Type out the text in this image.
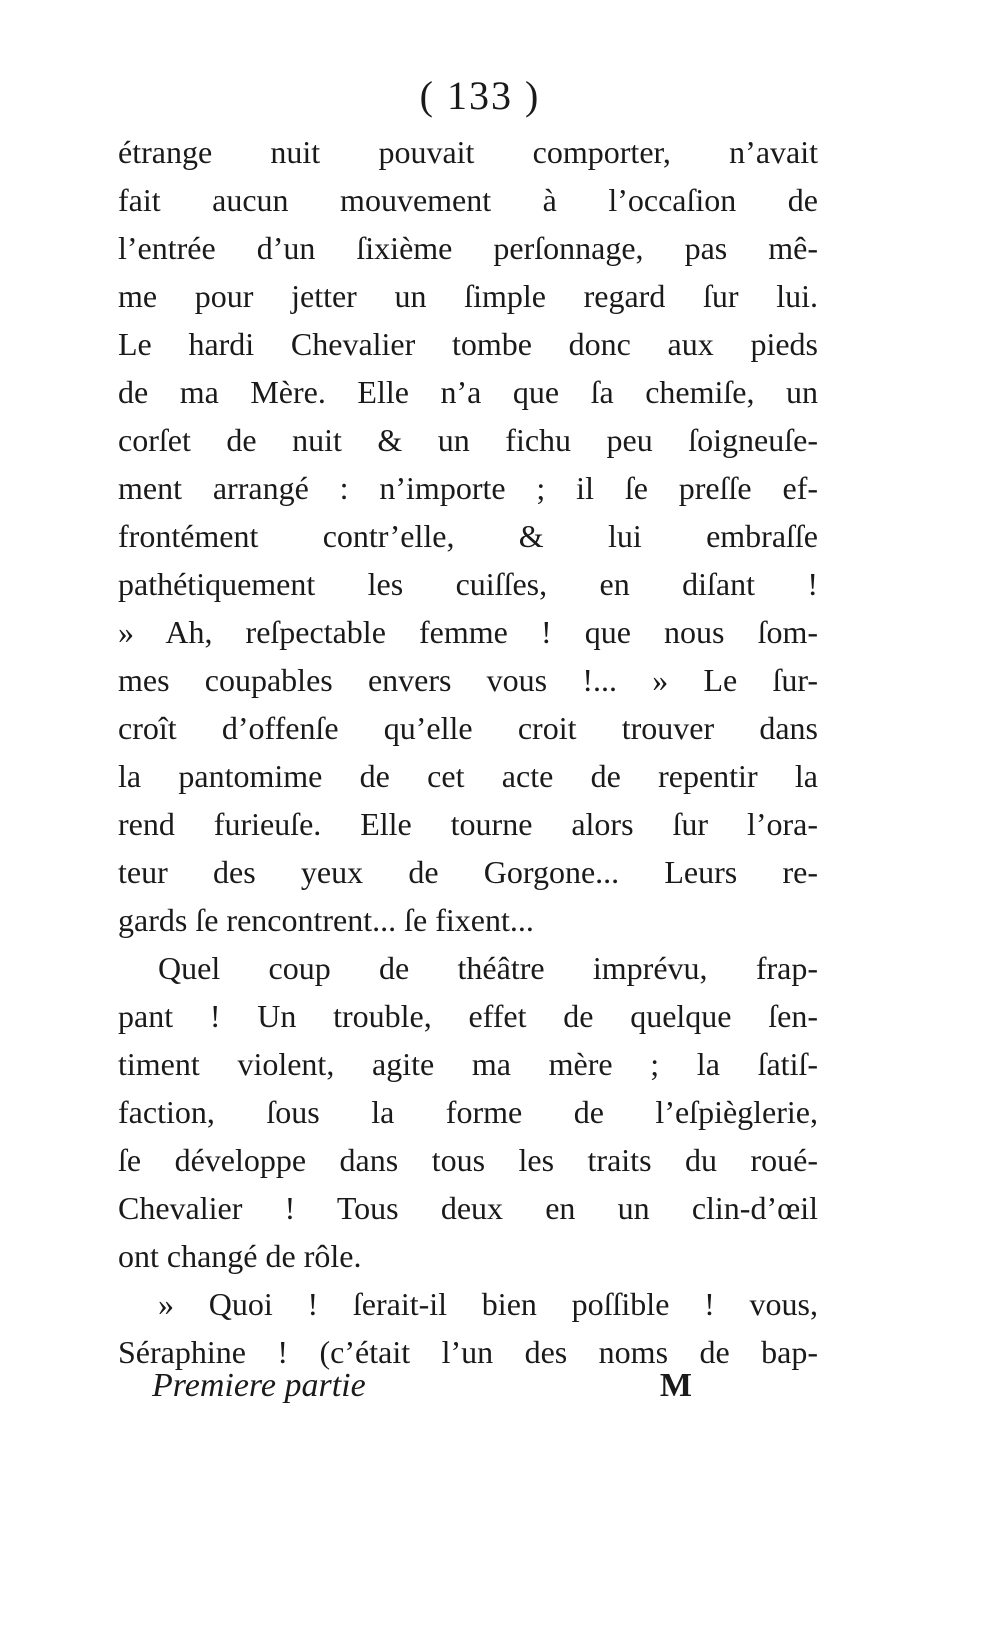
( 133 )
étrange nuit pouvait comporter, n’avait
fait aucun mouvement à l’occaſion de
l’entrée d’un ſixième perſonnage, pas mê-
me pour jetter un ſimple regard ſur lui.
Le hardi Chevalier tombe donc aux pieds
de ma Mère. Elle n’a que ſa chemiſe, un
corſet de nuit & un fichu peu ſoigneuſe-
ment arrangé : n’importe ; il ſe preſſe ef-
frontément contr’elle, & lui embraſſe
pathétiquement les cuiſſes, en diſant !
» Ah, reſpectable femme ! que nous ſom-
mes coupables envers vous !... » Le ſur-
croît d’offenſe qu’elle croit trouver dans
la pantomime de cet acte de repentir la
rend furieuſe. Elle tourne alors ſur l’ora-
teur des yeux de Gorgone... Leurs re-
gards ſe rencontrent... ſe fixent...
Quel coup de théâtre imprévu, frap-
pant ! Un trouble, effet de quelque ſen-
timent violent, agite ma mère ; la ſatiſ-
faction, ſous la forme de l’eſpièglerie,
ſe développe dans tous les traits du roué-
Chevalier ! Tous deux en un clin-d’œil
ont changé de rôle.
» Quoi ! ſerait-il bien poſſible ! vous,
Séraphine ! (c’était l’un des noms de bap-
Premiere partie	M
